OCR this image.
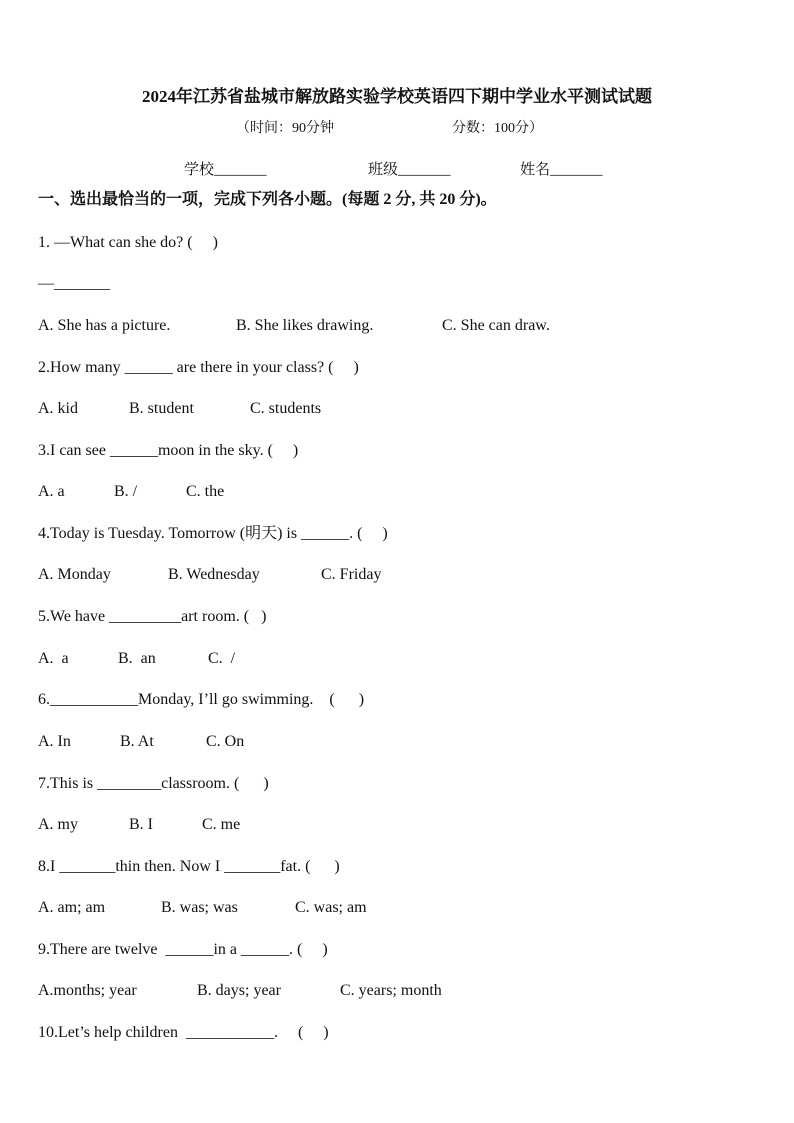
2024年江苏省盐城市解放路实验学校英语四下期中学业水平测试试题
（时间：90分钟	分数：100分）
学校_______	班级_______	姓名_______
一、选出最恰当的一项，完成下列各小题。(每题 2 分, 共 20 分)。
1. —What can she do? (     )
—_______
A. She has a picture.	B. She likes drawing.	C. She can draw.
2.How many ______ are there in your class? (     )
A. kid	B. student	C. students
3.I can see ______moon in the sky. (     )
A. a	B. /	C. the
4.Today is Tuesday. Tomorrow (明天) is ______. (     )
A. Monday	B. Wednesday	C. Friday
5.We have _________art room. (   )
A.  a	B.  an	C.  /
6.___________Monday, I’ll go swimming.    (      )
A. In	B. At	C. On
7.This is ________classroom. (      )
A. my	B. I	C. me
8.I _______thin then. Now I _______fat. (      )
A. am; am	B. was; was	C. was; am
9.There are twelve  ______in a ______. (     )
A.months; year	B. days; year	C. years; month
10.Let’s help children  ___________.     (     )
